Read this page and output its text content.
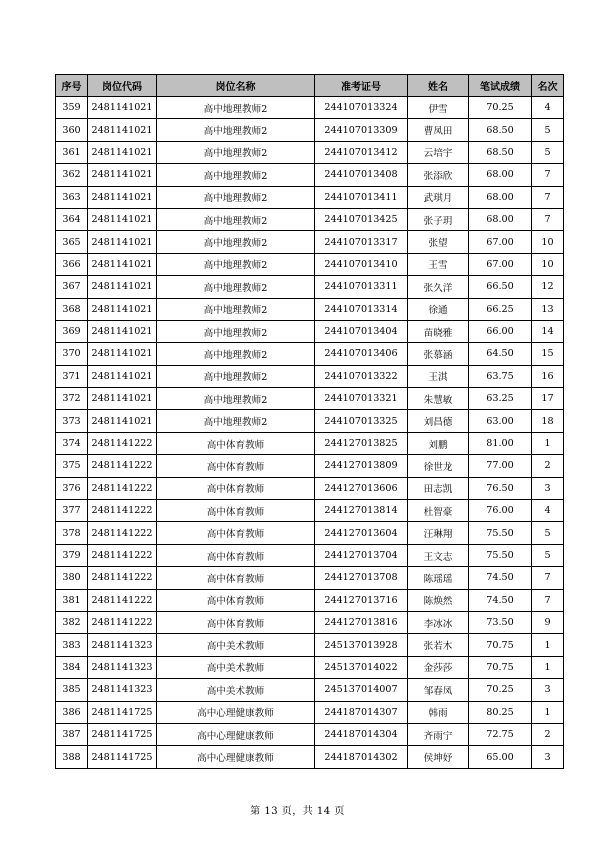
序号	岗位代码	岗位名称	准考证号	姓名	笔试成绩	名次
359	2481141021	高中地理教师2	244107013324	伊雪	70.25	4
360	2481141021	高中地理教师2	244107013309	曹凤田	68.50	5
361	2481141021	高中地理教师2	244107013412	云培宇	68.50	5
362	2481141021	高中地理教师2	244107013408	张添欣	68.00	7
363	2481141021	高中地理教师2	244107013411	武琪月	68.00	7
364	2481141021	高中地理教师2	244107013425	张子玥	68.00	7
365	2481141021	高中地理教师2	244107013317	张望	67.00	10
366	2481141021	高中地理教师2	244107013410	王雪	67.00	10
367	2481141021	高中地理教师2	244107013311	张久洋	66.50	12
368	2481141021	高中地理教师2	244107013314	徐通	66.25	13
369	2481141021	高中地理教师2	244107013404	苗晓雅	66.00	14
370	2481141021	高中地理教师2	244107013406	张慕涵	64.50	15
371	2481141021	高中地理教师2	244107013322	王淇	63.75	16
372	2481141021	高中地理教师2	244107013321	朱慧敏	63.25	17
373	2481141021	高中地理教师2	244107013325	刘昌德	63.00	18
374	2481141222	高中体育教师	244127013825	刘鹏	81.00	1
375	2481141222	高中体育教师	244127013809	徐世龙	77.00	2
376	2481141222	高中体育教师	244127013606	田志凯	76.50	3
377	2481141222	高中体育教师	244127013814	杜智豪	76.00	4
378	2481141222	高中体育教师	244127013604	汪琳翔	75.50	5
379	2481141222	高中体育教师	244127013704	王文志	75.50	5
380	2481141222	高中体育教师	244127013708	陈瑶瑶	74.50	7
381	2481141222	高中体育教师	244127013716	陈焕然	74.50	7
382	2481141222	高中体育教师	244127013816	李冰冰	73.50	9
383	2481141323	高中美术教师	245137013928	张若木	70.75	1
384	2481141323	高中美术教师	245137014022	金莎莎	70.75	1
385	2481141323	高中美术教师	245137014007	邹春凤	70.25	3
386	2481141725	高中心理健康教师	244187014307	韩雨	80.25	1
387	2481141725	高中心理健康教师	244187014304	齐雨宁	72.75	2
388	2481141725	高中心理健康教师	244187014302	侯坤妤	65.00	3
第 13 页，共 14 页
